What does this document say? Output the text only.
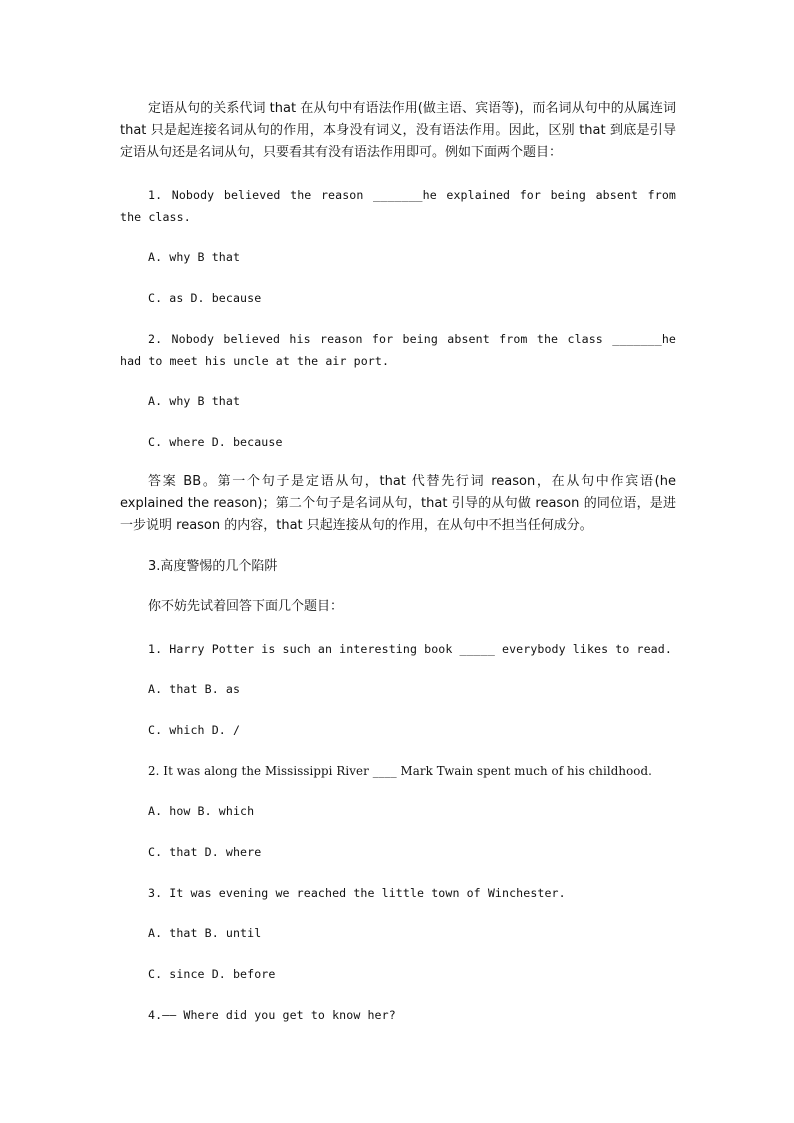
定语从句的关系代词 that 在从句中有语法作用(做主语、宾语等)，而名词从句中的从属连词 that 只是起连接名词从句的作用，本身没有词义，没有语法作用。因此，区别 that 到底是引导定语从句还是名词从句，只要看其有没有语法作用即可。例如下面两个题目：

1. Nobody believed the reason _______he explained for being absent from the class.

A. why B that

C. as D. because

2. Nobody believed his reason for being absent from the class _______he had to meet his uncle at the air port.

A. why B that

C. where D. because

答案 BB。第一个句子是定语从句，that 代替先行词 reason，在从句中作宾语(he explained the reason)；第二个句子是名词从句，that 引导的从句做 reason 的同位语，是进一步说明 reason 的内容，that 只起连接从句的作用，在从句中不担当任何成分。

3.高度警惕的几个陷阱

你不妨先试着回答下面几个题目：

1. Harry Potter is such an interesting book _____ everybody likes to read.

A. that B. as

C. which D. /

2. It was along the Mississippi River ____ Mark Twain spent much of his childhood.

A. how B. which

C. that D. where

3. It was evening we reached the little town of Winchester.

A. that B. until

C. since D. before

4.—— Where did you get to know her?
